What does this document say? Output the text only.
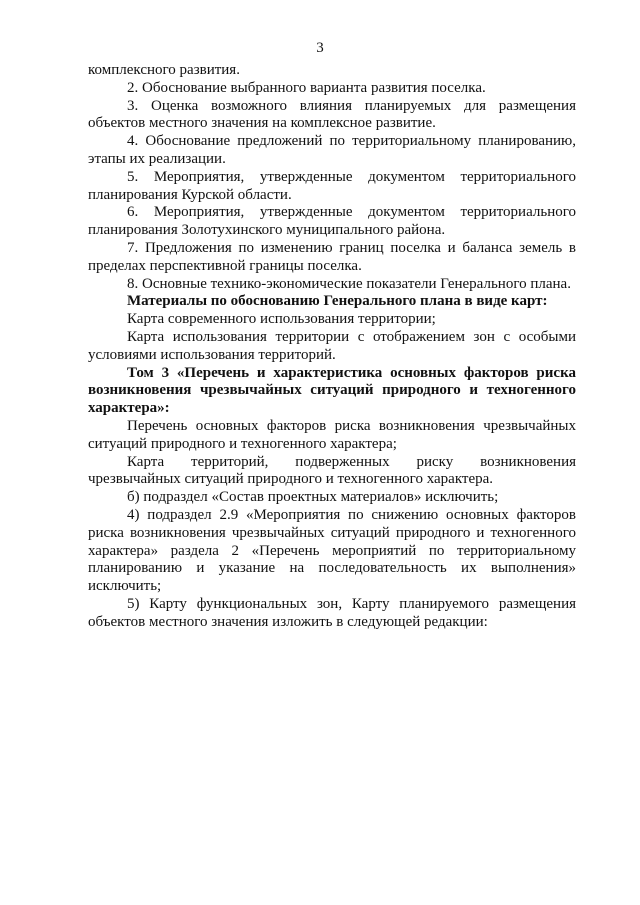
3

комплексного развития.

2. Обоснование выбранного варианта развития поселка.

3. Оценка возможного влияния планируемых для размещения объектов местного значения на комплексное развитие.

4. Обоснование предложений по территориальному планированию, этапы их реализации.

5. Мероприятия, утвержденные документом территориального планирования Курской области.

6. Мероприятия, утвержденные документом территориального планирования Золотухинского муниципального района.

7. Предложения по изменению границ поселка и баланса земель в пределах перспективной границы поселка.

8. Основные технико-экономические показатели Генерального плана.

Материалы по обоснованию Генерального плана в виде карт:

Карта современного использования территории;

Карта использования территории с отображением зон с особыми условиями использования территорий.

Том 3 «Перечень и характеристика основных факторов риска возникновения чрезвычайных ситуаций природного и техногенного характера»:

Перечень основных факторов риска возникновения чрезвычайных ситуаций природного и техногенного характера;

Карта территорий, подверженных риску возникновения чрезвычайных ситуаций природного и техногенного характера.

б) подраздел «Состав проектных материалов» исключить;

4) подраздел 2.9 «Мероприятия по снижению основных факторов риска возникновения чрезвычайных ситуаций природного и техногенного характера» раздела 2 «Перечень мероприятий по территориальному планированию и указание на последовательность их выполнения» исключить;

5) Карту функциональных зон, Карту планируемого размещения объектов местного значения изложить в следующей редакции:
